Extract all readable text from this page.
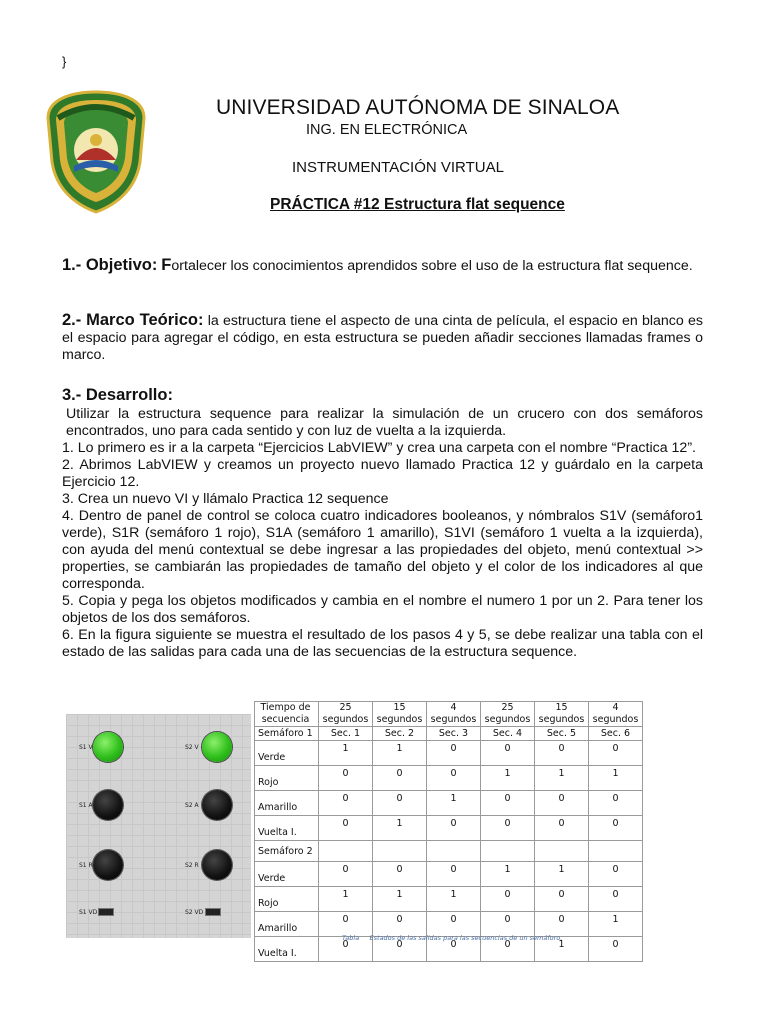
}
UNIVERSIDAD AUTÓNOMA DE SINALOA
ING. EN ELECTRÓNICA
INSTRUMENTACIÓN VIRTUAL
PRÁCTICA #12 Estructura flat sequence
1.- Objetivo: Fortalecer los conocimientos aprendidos sobre el uso de la estructura flat sequence.
2.- Marco Teórico: la estructura tiene el aspecto de una cinta de película, el espacio en blanco es el espacio para agregar el código, en esta estructura se pueden añadir secciones llamadas frames o marco.
3.- Desarrollo:
Utilizar la estructura sequence para realizar la simulación de un crucero con dos semáforos encontrados, uno para cada sentido y con luz de vuelta a la izquierda.
1. Lo primero es ir a la carpeta “Ejercicios LabVIEW” y crea una carpeta con el nombre “Practica 12”.
2. Abrimos LabVIEW y creamos un proyecto nuevo llamado Practica 12 y guárdalo en la carpeta Ejercicio 12.
3. Crea un nuevo VI y llámalo Practica 12 sequence
4. Dentro de panel de control se coloca cuatro indicadores booleanos, y nómbralos S1V (semáforo1 verde), S1R (semáforo 1 rojo), S1A (semáforo 1 amarillo), S1VI (semáforo 1 vuelta a la izquierda), con ayuda del menú contextual se debe ingresar a las propiedades del objeto, menú contextual >> properties, se cambiarán las propiedades de tamaño del objeto y el color de los indicadores al que corresponda.
5. Copia y pega los objetos modificados y cambia en el nombre el numero 1 por un 2. Para tener los objetos de los dos semáforos.
6. En la figura siguiente se muestra el resultado de los pasos 4 y 5, se debe realizar una tabla con el estado de las salidas para cada una de las secuencias de la estructura sequence.
S1 V	S2 V
S1 A	S2 A
S1 R	S2 R
S1 VD	S2 VD
Tiempo de secuencia	25 segundos	15 segundos	4 segundos	25 segundos	15 segundos	4 segundos
Semáforo 1	Sec. 1	Sec. 2	Sec. 3	Sec. 4	Sec. 5	Sec. 6
Verde	1	1	0	0	0	0
Rojo	0	0	0	1	1	1
Amarillo	0	0	1	0	0	0
Vuelta I.	0	1	0	0	0	0
Semáforo 2						
Verde	0	0	0	1	1	0
Rojo	1	1	1	0	0	0
Amarillo	0	0	0	0	0	1
Vuelta I.	0	0	0	0	1	0
Tabla Estados de las salidas para las secuencias de un semáforo.
